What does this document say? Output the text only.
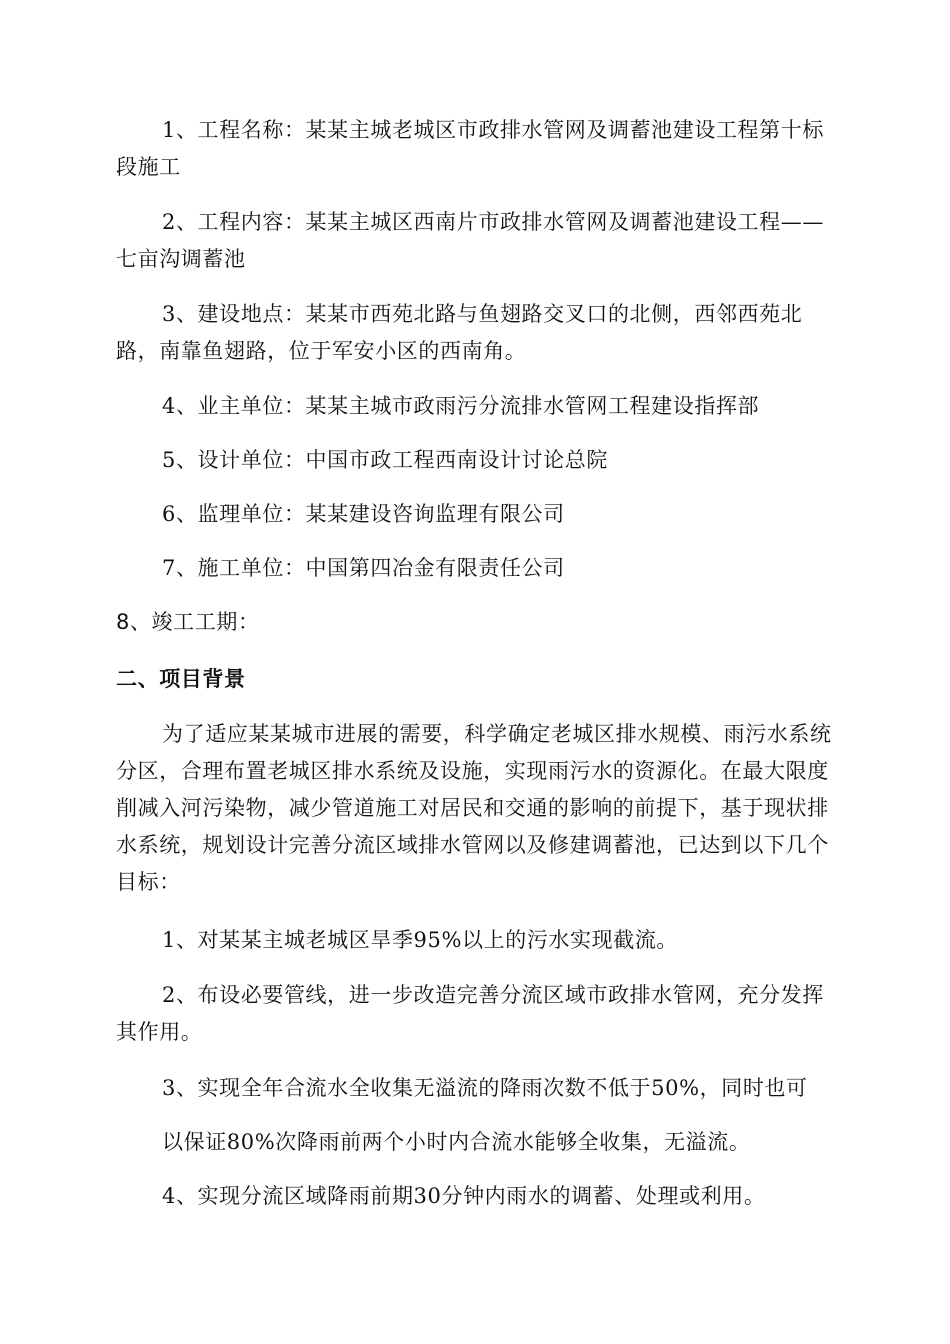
1、工程名称：某某主城老城区市政排水管网及调蓄池建设工程第十标段施工
2、工程内容：某某主城区西南片市政排水管网及调蓄池建设工程——七亩沟调蓄池
3、建设地点：某某市西苑北路与鱼翅路交叉口的北侧，西邻西苑北路，南靠鱼翅路，位于军安小区的西南角。
4、业主单位：某某主城市政雨污分流排水管网工程建设指挥部
5、设计单位：中国市政工程西南设计讨论总院
6、监理单位：某某建设咨询监理有限公司
7、施工单位：中国第四冶金有限责任公司
8、竣工工期：
二、项目背景
为了适应某某城市进展的需要，科学确定老城区排水规模、雨污水系统分区，合理布置老城区排水系统及设施，实现雨污水的资源化。在最大限度削减入河污染物，减少管道施工对居民和交通的影响的前提下，基于现状排水系统，规划设计完善分流区域排水管网以及修建调蓄池，已达到以下几个目标：
1、对某某主城老城区旱季95%以上的污水实现截流。
2、布设必要管线，进一步改造完善分流区域市政排水管网，充分发挥其作用。
3、实现全年合流水全收集无溢流的降雨次数不低于50%，同时也可
以保证80%次降雨前两个小时内合流水能够全收集，无溢流。
4、实现分流区域降雨前期30分钟内雨水的调蓄、处理或利用。
